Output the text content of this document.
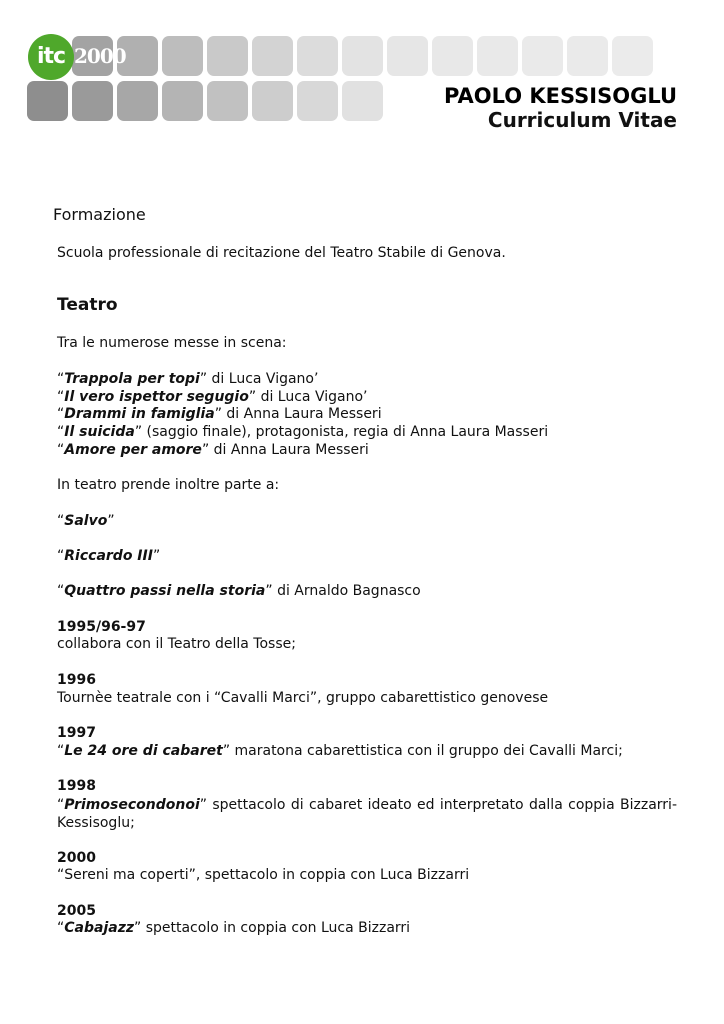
itc 2000
PAOLO KESSISOGLU
Curriculum Vitae
Formazione
Scuola professionale di recitazione del Teatro Stabile di Genova.
Teatro
Tra le numerose messe in scena:
“Trappola per topi” di Luca Vigano’
“Il vero ispettor segugio” di Luca Vigano’
“Drammi in famiglia” di Anna Laura Messeri
“Il suicida” (saggio finale), protagonista, regia di Anna Laura Masseri
“Amore per amore” di Anna Laura Messeri
In teatro prende inoltre parte a:
“Salvo”
“Riccardo III”
“Quattro passi nella storia” di Arnaldo Bagnasco
1995/96-97
collabora con il Teatro della Tosse;
1996
Tournèe teatrale con i “Cavalli Marci”, gruppo cabarettistico genovese
1997
“Le 24 ore di cabaret” maratona cabarettistica con il gruppo dei Cavalli Marci;
1998
“Primosecondonoi” spettacolo di cabaret ideato ed interpretato dalla coppia Bizzarri-Kessisoglu;
2000
“Sereni ma coperti”, spettacolo in coppia con Luca Bizzarri
2005
“Cabajazz” spettacolo in coppia con Luca Bizzarri
